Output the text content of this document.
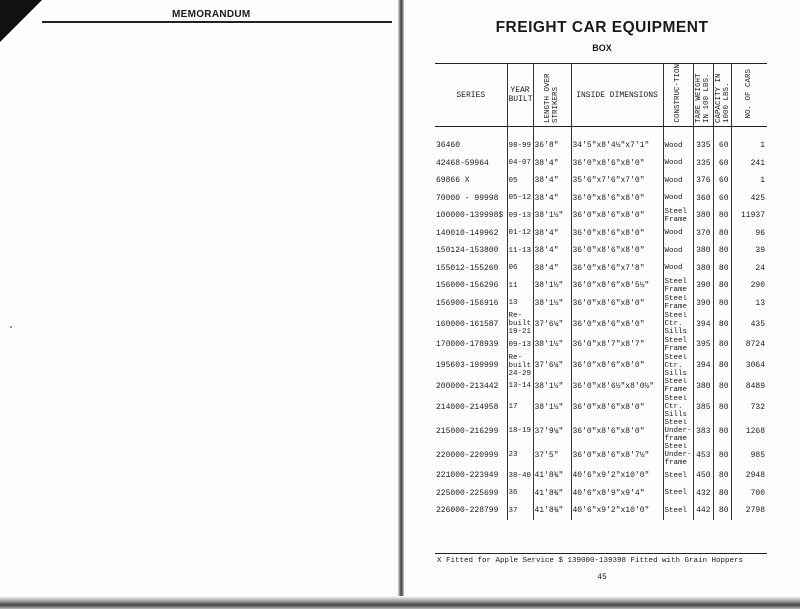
MEMORANDUM
FREIGHT CAR EQUIPMENT
BOX
SERIES	YEAR BUILT	LENGTH OVER STRIKERS	INSIDE DIMENSIONS	CONSTRUC-TION	TARE WEIGHT IN 100 LBS.	CAPACITY IN 1000 LBS.	NO. OF CARS
36460	98-99	36'8"	34'5"x8'4½"x7'1"	Wood	335	60	1
42468-59964	04-07	38'4"	36'0"x8'6"x8'0"	Wood	335	60	241
69866 X	05	38'4"	35'6"x7'6"x7'0"	Wood	376	60	1
70000 - 99998	05-12	38'4"	36'0"x8'6"x8'0"	Wood	360	60	425
100000-139998$	09-13	38'1½"	36'0"x8'6"x8'0"	Steel Frame	380	80	11937
140010-149962	01-12	38'4"	36'0"x8'6"x8'0"	Wood	370	80	96
150124-153800	11-13	38'4"	36'0"x8'6"x8'0"	Wood	380	80	39
155012-155260	06	38'4"	36'0"x8'6"x7'8"	Wood	380	80	24
156000-156296	11	38'1½"	36'0"x8'6"x8'5½"	Steel Frame	390	80	290
156900-156916	13	38'1½"	36'0"x8'6"x8'0"	Steel Frame	390	80	13
160000-161587	Re-built 19-21	37'6¼"	36'0"x8'6"x8'0"	Steel Ctr. Sills	394	80	435
170000-178939	09-13	38'1½"	36'0"x8'7"x8'7"	Steel Frame	395	80	8724
195603-199999	Re-built 24-29	37'6¼"	36'0"x8'6"x8'0"	Steel Ctr. Sills	394	80	3064
200000-213442	13-14	38'1½"	36'0"x8'6½"x8'0½"	Steel Frame	380	80	8489
214000-214958	17	38'1½"	36'0"x8'6"x8'0"	Steel Ctr. Sills	385	80	732
215000-216299	18-19	37'9¼"	36'0"x8'6"x8'0"	Steel Under-frame	383	80	1268
220000-220999	23	37'5"	36'0"x8'6"x8'7½"	Steel Under-frame	453	80	985
221000-223949	38-40	41'8¾"	40'6"x9'2"x10'0"	Steel	450	80	2948
225000-225699	36	41'8¾"	40'6"x8'9"x9'4"	Steel	432	80	700
226000-228799	37	41'8¾"	40'6"x9'2"x10'0"	Steel	442	80	2798
X Fitted for Apple Service $ 139000-139398 Fitted with Grain Hoppers
45
